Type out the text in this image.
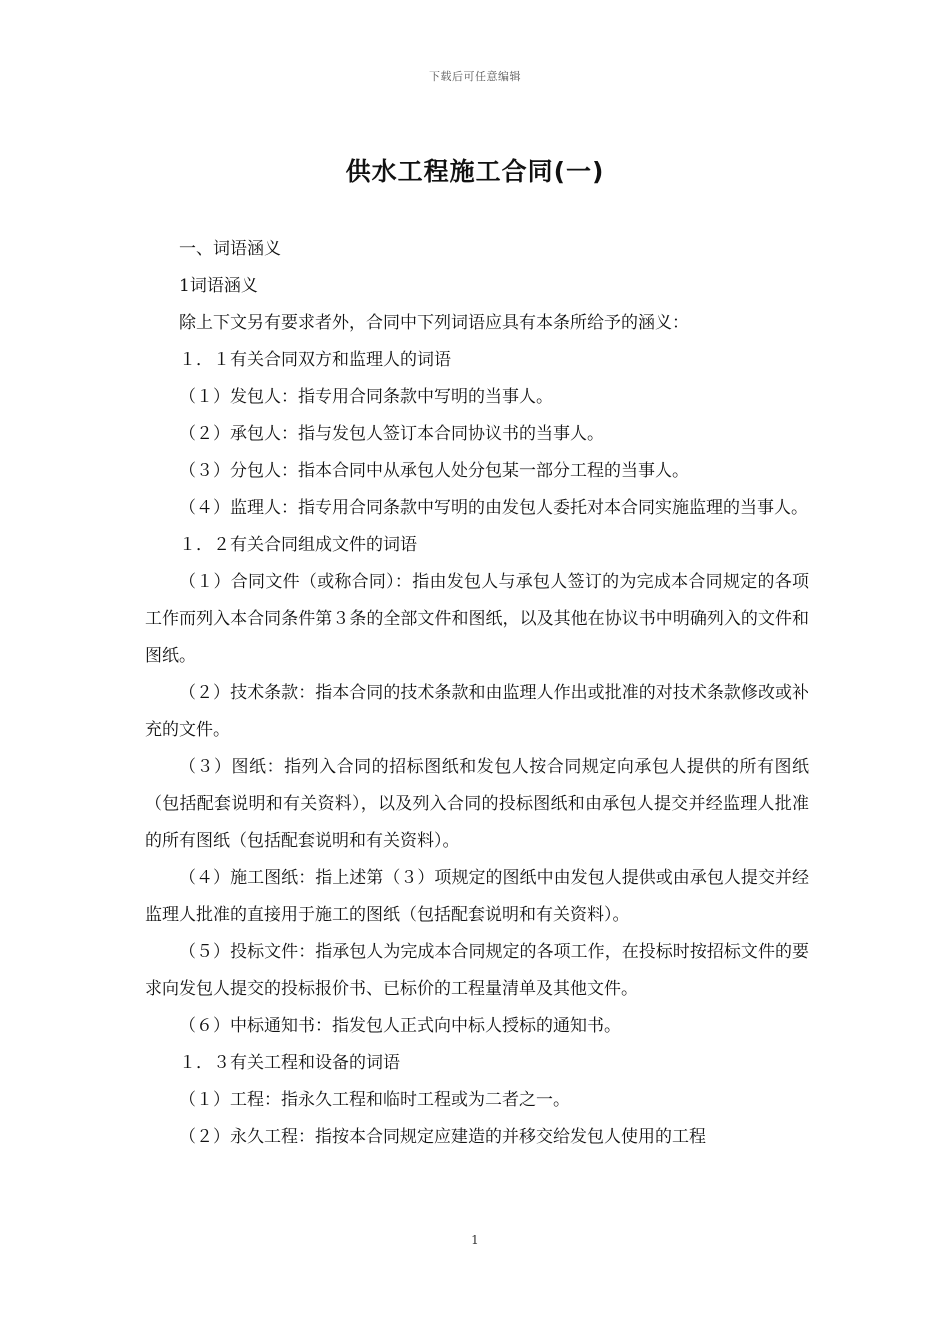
下载后可任意编辑
供水工程施工合同(一)

一、词语涵义

1词语涵义

除上下文另有要求者外，合同中下列词语应具有本条所给予的涵义：

１．１有关合同双方和监理人的词语

（１）发包人：指专用合同条款中写明的当事人。

（２）承包人：指与发包人签订本合同协议书的当事人。

（３）分包人：指本合同中从承包人处分包某一部分工程的当事人。

（４）监理人：指专用合同条款中写明的由发包人委托对本合同实施监理的当事人。

１．２有关合同组成文件的词语

（１）合同文件（或称合同）：指由发包人与承包人签订的为完成本合同规定的各项工作而列入本合同条件第３条的全部文件和图纸，以及其他在协议书中明确列入的文件和图纸。

（２）技术条款：指本合同的技术条款和由监理人作出或批准的对技术条款修改或补充的文件。

（３）图纸：指列入合同的招标图纸和发包人按合同规定向承包人提供的所有图纸（包括配套说明和有关资料），以及列入合同的投标图纸和由承包人提交并经监理人批准的所有图纸（包括配套说明和有关资料）。

（４）施工图纸：指上述第（３）项规定的图纸中由发包人提供或由承包人提交并经监理人批准的直接用于施工的图纸（包括配套说明和有关资料）。

（５）投标文件：指承包人为完成本合同规定的各项工作，在投标时按招标文件的要求向发包人提交的投标报价书、已标价的工程量清单及其他文件。

（６）中标通知书：指发包人正式向中标人授标的通知书。

１．３有关工程和设备的词语

（１）工程：指永久工程和临时工程或为二者之一。

（２）永久工程：指按本合同规定应建造的并移交给发包人使用的工程

1
